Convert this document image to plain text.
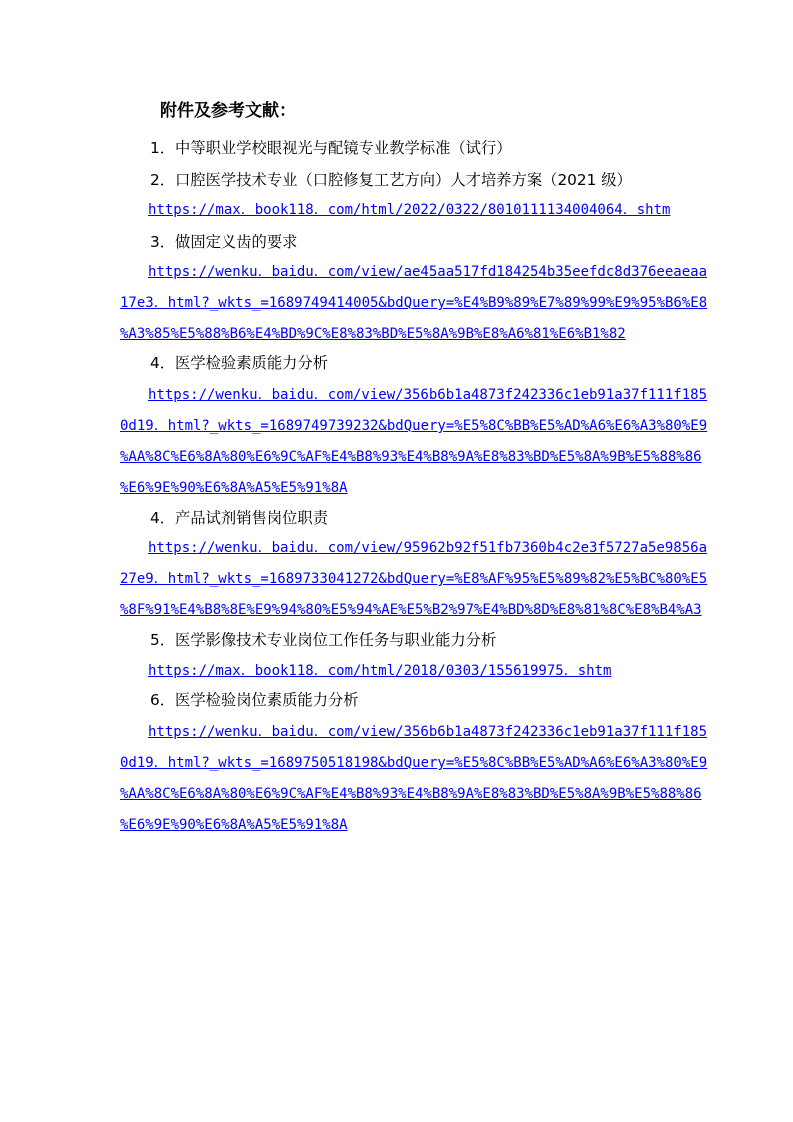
附件及参考文献：
1．中等职业学校眼视光与配镜专业教学标准（试行）
2．口腔医学技术专业（口腔修复工艺方向）人才培养方案（2021 级）
https://max．book118．com/html/2022/0322/8010111134004064．shtm
3．做固定义齿的要求
https://wenku．baidu．com/view/ae45aa517fd184254b35eefdc8d376eeaeaa
17e3．html?_wkts_=1689749414005&bdQuery=%E4%B9%89%E7%89%99%E9%95%B6%E8
%A3%85%E5%88%B6%E4%BD%9C%E8%83%BD%E5%8A%9B%E8%A6%81%E6%B1%82
4．医学检验素质能力分析
https://wenku．baidu．com/view/356b6b1a4873f242336c1eb91a37f111f185
0d19．html?_wkts_=1689749739232&bdQuery=%E5%8C%BB%E5%AD%A6%E6%A3%80%E9
%AA%8C%E6%8A%80%E6%9C%AF%E4%B8%93%E4%B8%9A%E8%83%BD%E5%8A%9B%E5%88%86
%E6%9E%90%E6%8A%A5%E5%91%8A
4．产品试剂销售岗位职责
https://wenku．baidu．com/view/95962b92f51fb7360b4c2e3f5727a5e9856a
27e9．html?_wkts_=1689733041272&bdQuery=%E8%AF%95%E5%89%82%E5%BC%80%E5
%8F%91%E4%B8%8E%E9%94%80%E5%94%AE%E5%B2%97%E4%BD%8D%E8%81%8C%E8%B4%A3
5．医学影像技术专业岗位工作任务与职业能力分析
https://max．book118．com/html/2018/0303/155619975．shtm
6．医学检验岗位素质能力分析
https://wenku．baidu．com/view/356b6b1a4873f242336c1eb91a37f111f185
0d19．html?_wkts_=1689750518198&bdQuery=%E5%8C%BB%E5%AD%A6%E6%A3%80%E9
%AA%8C%E6%8A%80%E6%9C%AF%E4%B8%93%E4%B8%9A%E8%83%BD%E5%8A%9B%E5%88%86
%E6%9E%90%E6%8A%A5%E5%91%8A
